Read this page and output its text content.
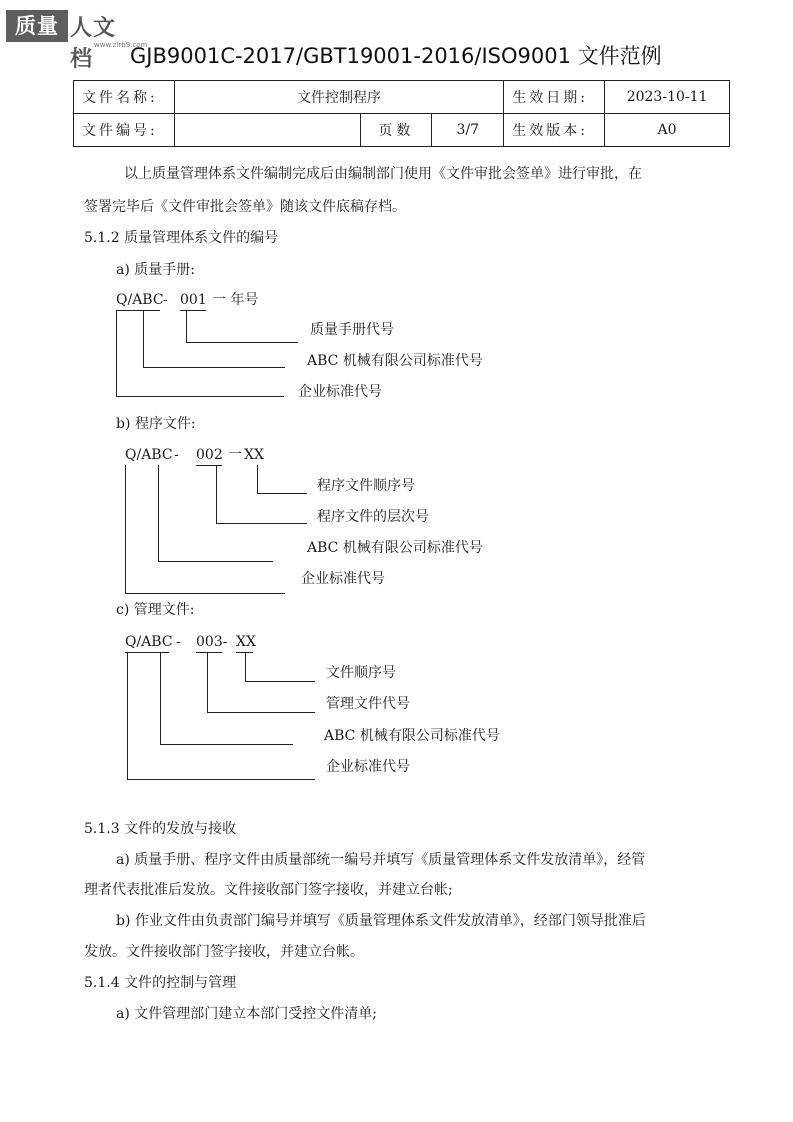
质量 人文档
www.zlrb9.com
GJB9001C-2017/GBT19001-2016/ISO9001 文件范例
文件名称:	文件控制程序			生效日期:	2023-10-11
文件编号:		页数	3/7	生效版本:	A0
以上质量管理体系文件编制完成后由编制部门使用《文件审批会签单》进行审批，在
签署完毕后《文件审批会签单》随该文件底稿存档。
5.1.2 质量管理体系文件的编号
a) 质量手册:
Q/ABC - 001 一 年号
质量手册代号
ABC 机械有限公司标准代号
企业标准代号
b) 程序文件:
Q/ABC - 002 一 XX
程序文件顺序号
程序文件的层次号
ABC 机械有限公司标准代号
企业标准代号
c) 管理文件:
Q/ABC - 003- XX
文件顺序号
管理文件代号
ABC 机械有限公司标准代号
企业标准代号
5.1.3 文件的发放与接收
a) 质量手册、程序文件由质量部统一编号并填写《质量管理体系文件发放清单》，经管
理者代表批准后发放。文件接收部门签字接收，并建立台帐;
b) 作业文件由负责部门编号并填写《质量管理体系文件发放清单》，经部门领导批准后
发放。文件接收部门签字接收，并建立台帐。
5.1.4 文件的控制与管理
a) 文件管理部门建立本部门受控文件清单;
